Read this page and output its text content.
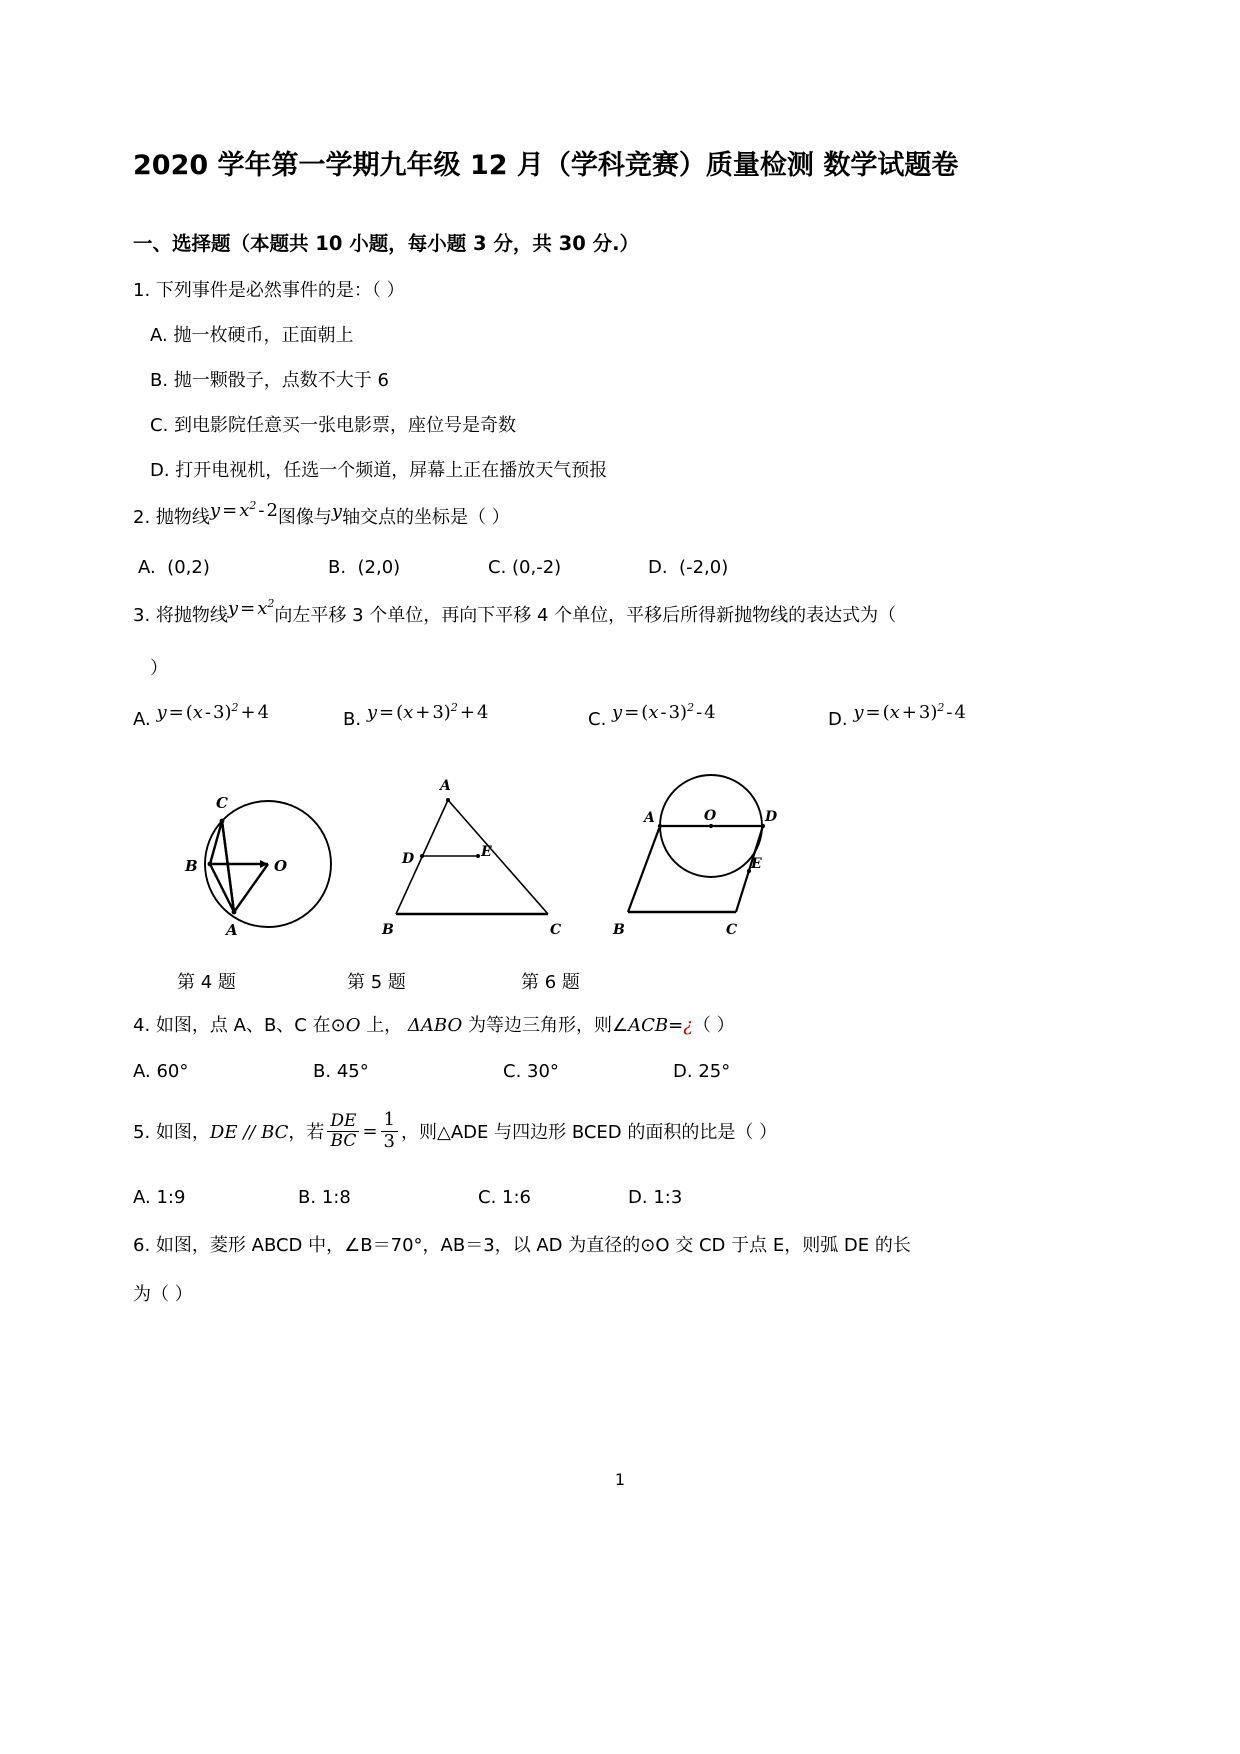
2020 学年第一学期九年级 12 月（学科竞赛）质量检测 数学试题卷
一、选择题（本题共 10 小题，每小题 3 分，共 30 分.）
1. 下列事件是必然事件的是：（ ）
A. 抛一枚硬币，正面朝上
B. 抛一颗骰子，点数不大于 6
C. 到电影院任意买一张电影票，座位号是奇数
D. 打开电视机，任选一个频道，屏幕上正在播放天气预报
2. 抛物线$y = x^2 - 2$图像与y轴交点的坐标是（ ）
A. (0,2)	B. (2,0)	C. (0,-2)	D. (-2,0)
3. 将抛物线$y = x^2$向左平移 3 个单位，再向下平移 4 个单位，平移后所得新抛物线的表达式为（
）
A. y = (x - 3)$^2$ + 4	B. $y = (x + 3)^2 + 4$	C. y = (x - 3)$^2$ - 4	D. $y = (x + 3)^2 - 4$
C
B	O
A
A
D	E
B	C
A	O	D
E
B	C
第 4 题	第 5 题	第 6 题
4. 如图，点 A、B、C 在⊙O 上， ΔABO 为等边三角形，则∠ACB=¿（ ）
A. 60°	B. 45°	C. 30°	D. 25°
5. 如图，DE // BC，若 $\frac{DE}{BC} = \frac{1}{3}$ ，则△ADE 与四边形 BCED 的面积的比是（ ）
A. 1:9	B. 1:8	C. 1:6	D. 1:3
6. 如图，菱形 ABCD 中，∠B＝70°，AB＝3，以 AD 为直径的⊙O 交 CD 于点 E，则弧 DE 的长
为（ ）
1
